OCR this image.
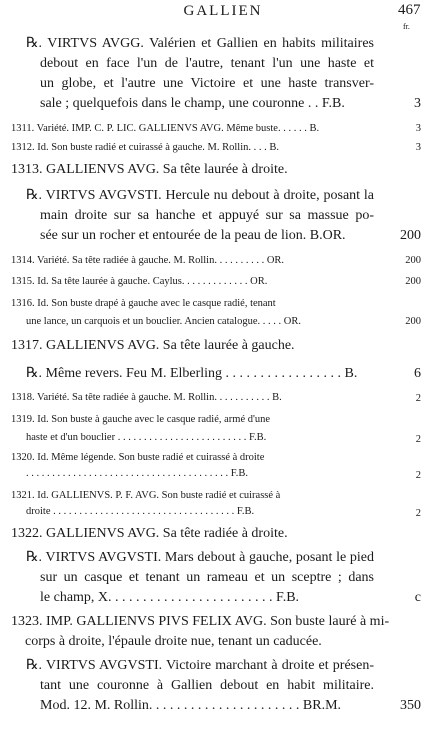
GALLIEN	467
fr.

℞. VIRTVS AVGG. Valérien et Gallien en habits militaires

debout en face l'un de l'autre, tenant l'un une haste et

un globe, et l'autre une Victoire et une haste transver-

sale ; quelquefois dans le champ, une couronne . . F.B.	3
1311. Variété. IMP. C. P. LIC. GALLIENVS AVG. Même buste. . . . . . B.	3
1312. Id. Son buste radié et cuirassé à gauche. M. Rollin. . . . B.	3
1313. GALLIENVS AVG. Sa tête laurée à droite.

℞. VIRTVS AVGVSTI. Hercule nu debout à droite, posant la

main droite sur sa hanche et appuyé sur sa massue po-

sée sur un rocher et entourée de la peau de lion. B.OR.	200
1314. Variété. Sa tête radiée à gauche. M. Rollin. . . . . . . . . . OR.	200
1315. Id. Sa tête laurée à gauche. Caylus. . . . . . . . . . . . . OR.	200
1316. Id. Son buste drapé à gauche avec le casque radié, tenant
une lance, un carquois et un bouclier. Ancien catalogue. . . . . OR.	200
1317. GALLIENVS AVG. Sa tête laurée à gauche.
℞. Même revers. Feu M. Elberling . . . . . . . . . . . . . . . . . B.	6
1318. Variété. Sa tête radiée à gauche. M. Rollin. . . . . . . . . . . B.	2
1319. Id. Son buste à gauche avec le casque radié, armé d'une
haste et d'un bouclier . . . . . . . . . . . . . . . . . . . . . . . . . F.B.	2
1320. Id. Même légende. Son buste radié et cuirassé à droite
. . . . . . . . . . . . . . . . . . . . . . . . . . . . . . . . . . . . . . . F.B.	2
1321. Id. GALLIENVS. P. F. AVG. Son buste radié et cuirassé à
droite . . . . . . . . . . . . . . . . . . . . . . . . . . . . . . . . . . . F.B.	2
1322. GALLIENVS AVG. Sa tête radiée à droite.

℞. VIRTVS AVGVSTI. Mars debout à gauche, posant le pied

sur un casque et tenant un rameau et un sceptre ; dans

le champ, X. . . . . . . . . . . . . . . . . . . . . . . . F.B.	c

1323. IMP. GALLIENVS PIVS FELIX AVG. Son buste lauré à mi-

corps à droite, l'épaule droite nue, tenant un caducée.

℞. VIRTVS AVGVSTI. Victoire marchant à droite et présen-

tant une couronne à Gallien debout en habit militaire.

Mod. 12. M. Rollin. . . . . . . . . . . . . . . . . . . . . . BR.M.	350
